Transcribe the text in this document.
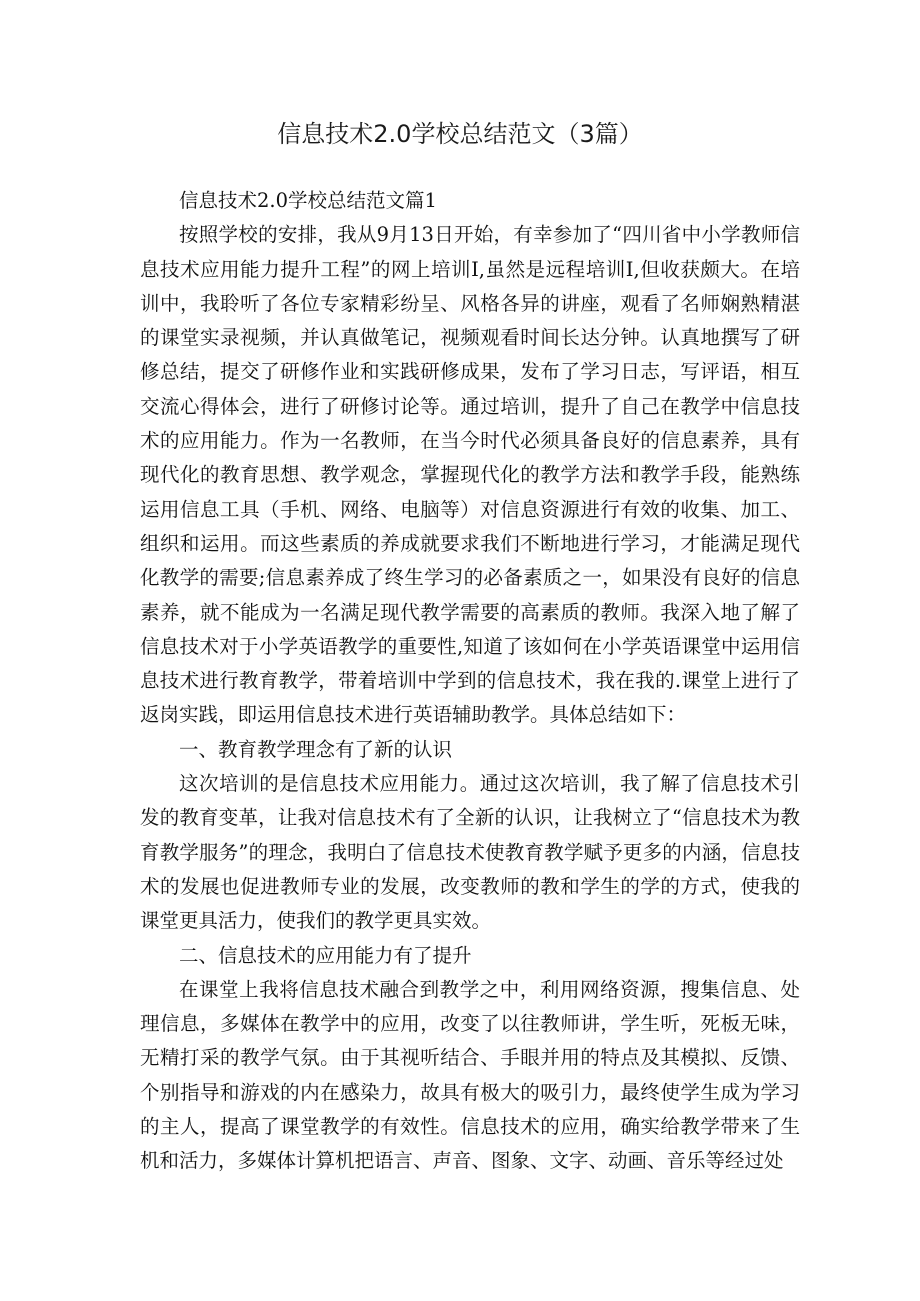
信息技术2.0学校总结范文（3篇）

信息技术2.0学校总结范文篇1

按照学校的安排，我从9月13日开始，有幸参加了“四川省中小学教师信息技术应用能力提升工程”的网上培训I,虽然是远程培训I,但收获颇大。在培训中，我聆听了各位专家精彩纷呈、风格各异的讲座，观看了名师娴熟精湛的课堂实录视频，并认真做笔记，视频观看时间长达分钟。认真地撰写了研修总结，提交了研修作业和实践研修成果，发布了学习日志，写评语，相互交流心得体会，进行了研修讨论等。通过培训，提升了自己在教学中信息技术的应用能力。作为一名教师，在当今时代必须具备良好的信息素养，具有现代化的教育思想、教学观念，掌握现代化的教学方法和教学手段，能熟练运用信息工具（手机、网络、电脑等）对信息资源进行有效的收集、加工、组织和运用。而这些素质的养成就要求我们不断地进行学习，才能满足现代化教学的需要;信息素养成了终生学习的必备素质之一，如果没有良好的信息素养，就不能成为一名满足现代教学需要的高素质的教师。我深入地了解了信息技术对于小学英语教学的重要性,知道了该如何在小学英语课堂中运用信息技术进行教育教学，带着培训中学到的信息技术，我在我的.课堂上进行了返岗实践，即运用信息技术进行英语辅助教学。具体总结如下：

一、教育教学理念有了新的认识

这次培训的是信息技术应用能力。通过这次培训，我了解了信息技术引发的教育变革，让我对信息技术有了全新的认识，让我树立了“信息技术为教育教学服务”的理念，我明白了信息技术使教育教学赋予更多的内涵，信息技术的发展也促进教师专业的发展，改变教师的教和学生的学的方式，使我的课堂更具活力，使我们的教学更具实效。

二、信息技术的应用能力有了提升

在课堂上我将信息技术融合到教学之中，利用网络资源，搜集信息、处理信息，多媒体在教学中的应用，改变了以往教师讲，学生听，死板无味，无精打采的教学气氛。由于其视听结合、手眼并用的特点及其模拟、反馈、个别指导和游戏的内在感染力，故具有极大的吸引力，最终使学生成为学习的主人，提高了课堂教学的有效性。信息技术的应用，确实给教学带来了生机和活力，多媒体计算机把语言、声音、图象、文字、动画、音乐等经过处
